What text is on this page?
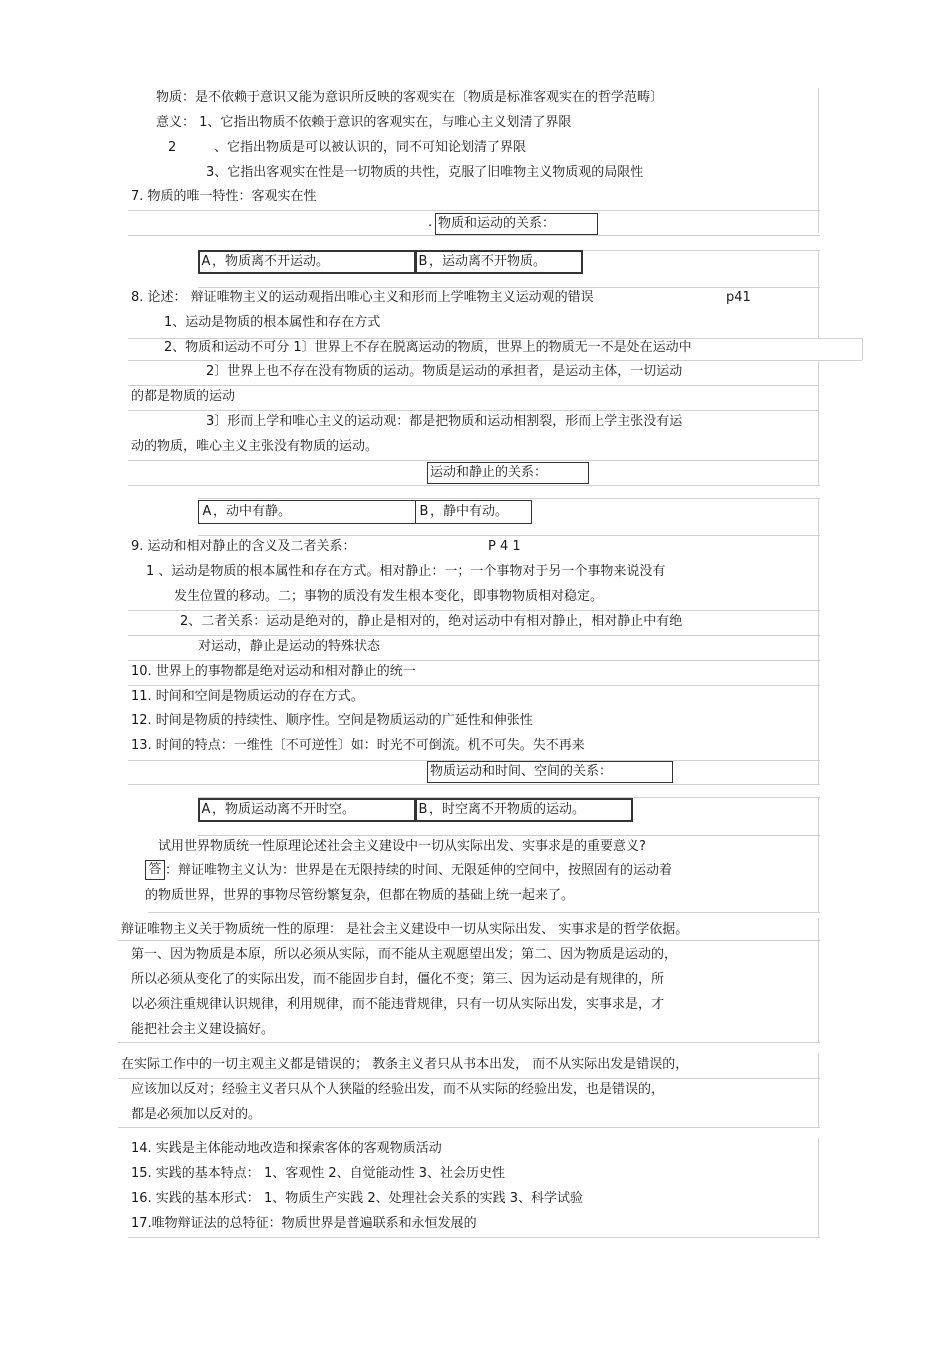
物质：是不依赖于意识又能为意识所反映的客观实在〔物质是标准客观实在的哲学范畴〕
意义： 1、它指出物质不依赖于意识的客观实在，与唯心主义划清了界限
2	、它指出物质是可以被认识的，同不可知论划清了界限
3、它指出客观实在性是一切物质的共性，克服了旧唯物主义物质观的局限性
7. 物质的唯一特性：客观实在性
. 物质和运动的关系：
A ，物质离不开运动。	B ，运动离不开物质。
8. 论述： 辩证唯物主义的运动观指出唯心主义和形而上学唯物主义运动观的错误	p41
1、运动是物质的根本属性和存在方式
2、物质和运动不可分 1〕世界上不存在脱离运动的物质，世界上的物质无一不是处在运动中
2〕世界上也不存在没有物质的运动。物质是运动的承担者，是运动主体，一切运动
的都是物质的运动
3〕形而上学和唯心主义的运动观：都是把物质和运动相割裂，形而上学主张没有运
动的物质，唯心主义主张没有物质的运动。
运动和静止的关系：
A ，动中有静。	B ，静中有动。
9. 运动和相对静止的含义及二者关系：	P 4 1
1 、运动是物质的根本属性和存在方式。相对静止：一；一个事物对于另一个事物来说没有
发生位置的移动。二；事物的质没有发生根本变化，即事物物质相对稳定。
2、二者关系：运动是绝对的，静止是相对的，绝对运动中有相对静止，相对静止中有绝
对运动，静止是运动的特殊状态
10. 世界上的事物都是绝对运动和相对静止的统一
11. 时间和空间是物质运动的存在方式。
12. 时间是物质的持续性、顺序性。空间是物质运动的广延性和伸张性
13. 时间的特点：一维性〔不可逆性〕如：时光不可倒流。机不可失。失不再来
物质运动和时间、空间的关系：
A ，物质运动离不开时空。	B ，时空离不开物质的运动。
试用世界物质统一性原理论述社会主义建设中一切从实际出发、实事求是的重要意义?
答 ：辩证唯物主义认为：世界是在无限持续的时间、无限延伸的空间中，按照固有的运动着
的物质世界，世界的事物尽管纷繁复杂，但都在物质的基础上统一起来了。
辩证唯物主义关于物质统一性的原理： 是社会主义建设中一切从实际出发、 实事求是的哲学依据。
第一、因为物质是本原，所以必须从实际，而不能从主观愿望出发；第二、因为物质是运动的，
所以必须从变化了的实际出发，而不能固步自封，僵化不变；第三、因为运动是有规律的，所
以必须注重规律认识规律，利用规律，而不能违背规律，只有一切从实际出发，实事求是，才
能把社会主义建设搞好。
在实际工作中的一切主观主义都是错误的； 教条主义者只从书本出发， 而不从实际出发是错误的，
应该加以反对；经验主义者只从个人狭隘的经验出发，而不从实际的经验出发，也是错误的，
都是必须加以反对的。
14. 实践是主体能动地改造和探索客体的客观物质活动
15. 实践的基本特点： 1、客观性 2、自觉能动性 3、社会历史性
16. 实践的基本形式： 1、物质生产实践 2、处理社会关系的实践 3、科学试验
17.唯物辩证法的总特征：物质世界是普遍联系和永恒发展的
